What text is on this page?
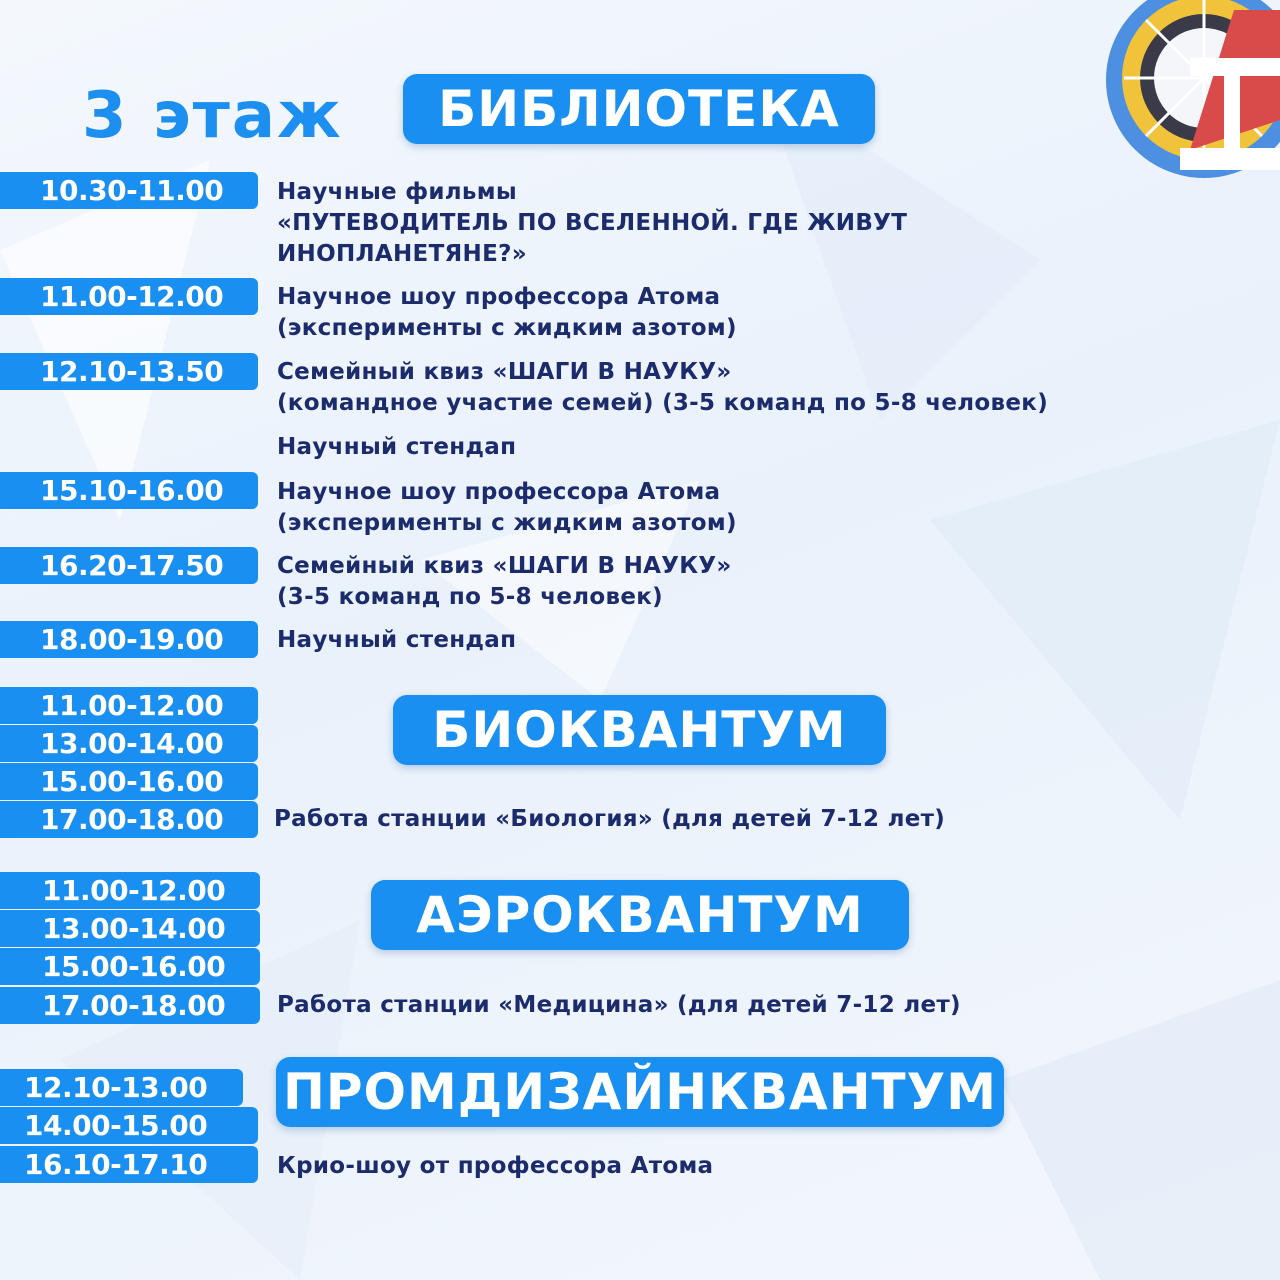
3 этаж	БИБЛИОТЕКА
10.30-11.00	Научные фильмы
«ПУТЕВОДИТЕЛЬ ПО ВСЕЛЕННОЙ. ГДЕ ЖИВУТ
ИНОПЛАНЕТЯНЕ?»
11.00-12.00	Научное шоу профессора Атома
(эксперименты с жидким азотом)
12.10-13.50	Семейный квиз «ШАГИ В НАУКУ»
(командное участие семей) (3-5 команд по 5-8 человек)
Научный стендап
15.10-16.00	Научное шоу профессора Атома
(эксперименты с жидким азотом)
16.20-17.50	Семейный квиз «ШАГИ В НАУКУ»
(3-5 команд по 5-8 человек)
18.00-19.00	Научный стендап
БИОКВАНТУМ
11.00-12.00
13.00-14.00
15.00-16.00
17.00-18.00	Работа станции «Биология» (для детей 7-12 лет)
АЭРОКВАНТУМ
11.00-12.00
13.00-14.00
15.00-16.00
17.00-18.00	Работа станции «Медицина» (для детей 7-12 лет)
ПРОМДИЗАЙНКВАНТУМ
12.10-13.00
14.00-15.00
16.10-17.10	Крио-шоу от профессора Атома
